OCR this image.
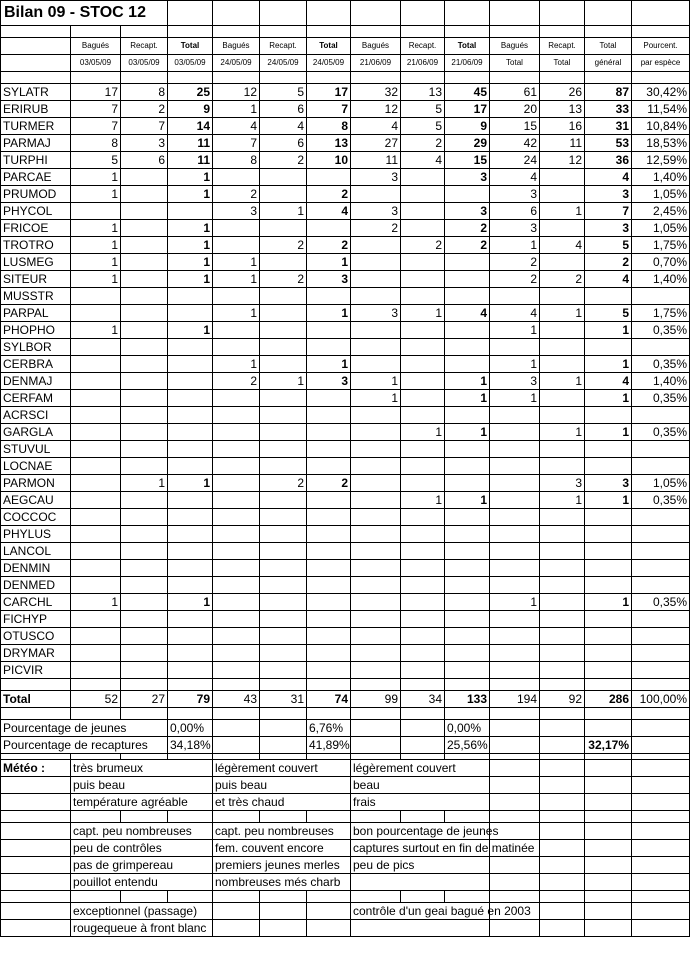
Bilan 09 - STOC 12													

	Bagués	Recapt.	Total	Bagués	Recapt.	Total	Bagués	Recapt.	Total	Bagués	Recapt.	Total	Pourcent.
	03/05/09	03/05/09	03/05/09	24/05/09	24/05/09	24/05/09	21/06/09	21/06/09	21/06/09	Total	Total	général	par espèce

SYLATR	17	8	25	12	5	17	32	13	45	61	26	87	30,42%
ERIRUB	7	2	9	1	6	7	12	5	17	20	13	33	11,54%
TURMER	7	7	14	4	4	8	4	5	9	15	16	31	10,84%
PARMAJ	8	3	11	7	6	13	27	2	29	42	11	53	18,53%
TURPHI	5	6	11	8	2	10	11	4	15	24	12	36	12,59%
PARCAE	1		1				3		3	4		4	1,40%
PRUMOD	1		1	2		2				3		3	1,05%
PHYCOL				3	1	4	3		3	6	1	7	2,45%
FRICOE	1		1				2		2	3		3	1,05%
TROTRO	1		1		2	2		2	2	1	4	5	1,75%
LUSMEG	1		1	1		1				2		2	0,70%
SITEUR	1		1	1	2	3				2	2	4	1,40%
MUSSTR													
PARPAL				1		1	3	1	4	4	1	5	1,75%
PHOPHO	1		1							1		1	0,35%
SYLBOR													
CERBRA				1		1				1		1	0,35%
DENMAJ				2	1	3	1		1	3	1	4	1,40%
CERFAM							1		1	1		1	0,35%
ACRSCI													
GARGLA								1	1		1	1	0,35%
STUVUL													
LOCNAE													
PARMON		1	1		2	2					3	3	1,05%
AEGCAU								1	1		1	1	0,35%
COCCOC													
PHYLUS													
LANCOL													
DENMIN													
DENMED													
CARCHL	1		1							1		1	0,35%
FICHYP													
OTUSCO													
DRYMAR													
PICVIR													

Total	52	27	79	43	31	74	99	34	133	194	92	286	100,00%

Pourcentage de jeunes			0,00%			6,76%			0,00%				
Pourcentage de recaptures			34,18%			41,89%			25,56%			32,17%	

Météo :	très brumeux			légèrement couvert			légèrement couvert						
	puis beau			puis beau			beau						
	température agréable			et très chaud			frais						

	capt. peu nombreuses			capt. peu nombreuses			bon pourcentage de jeunes						
	peu de contrôles			fem. couvent encore			captures surtout en fin de matinée						
	pas de grimpereau			premiers jeunes merles			peu de pics						
	pouillot entendu			nombreuses més charb									

	exceptionnel (passage)						contrôle d'un geai bagué en 2003						
	rougequeue à front blanc												
